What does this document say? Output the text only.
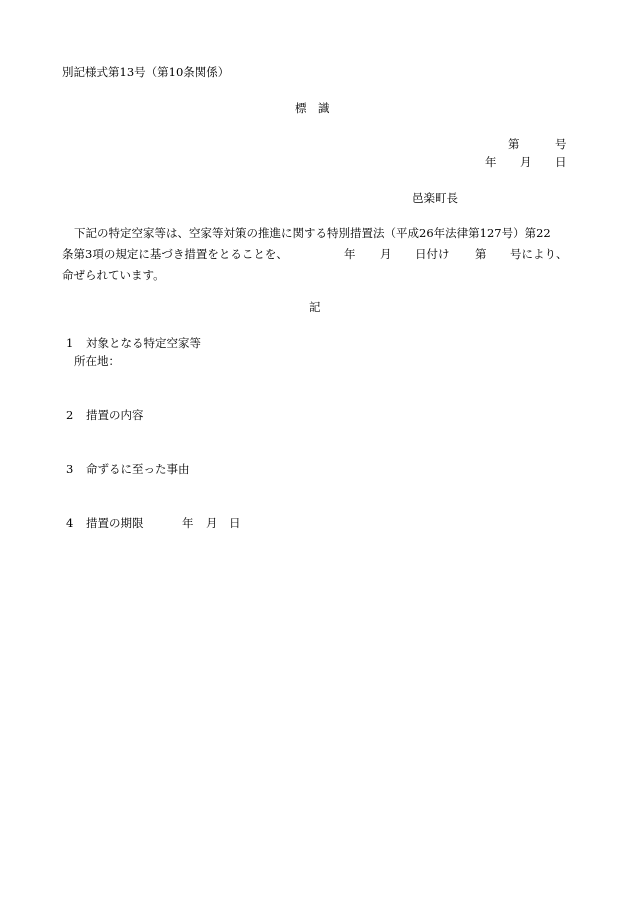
別記様式第13号（第10条関係）
標　識
第	号
年 月 日
邑楽町長
下記の特定空家等は、空家等対策の推進に関する特別措置法（平成26年法律第127号）第22
条第3項の規定に基づき措置をとることを、	年 月 日付け 第 号により、
命ぜられています。
記
1 対象となる特定空家等
所在地：
2 措置の内容
3 命ずるに至った事由
4 措置の期限	年 月 日
